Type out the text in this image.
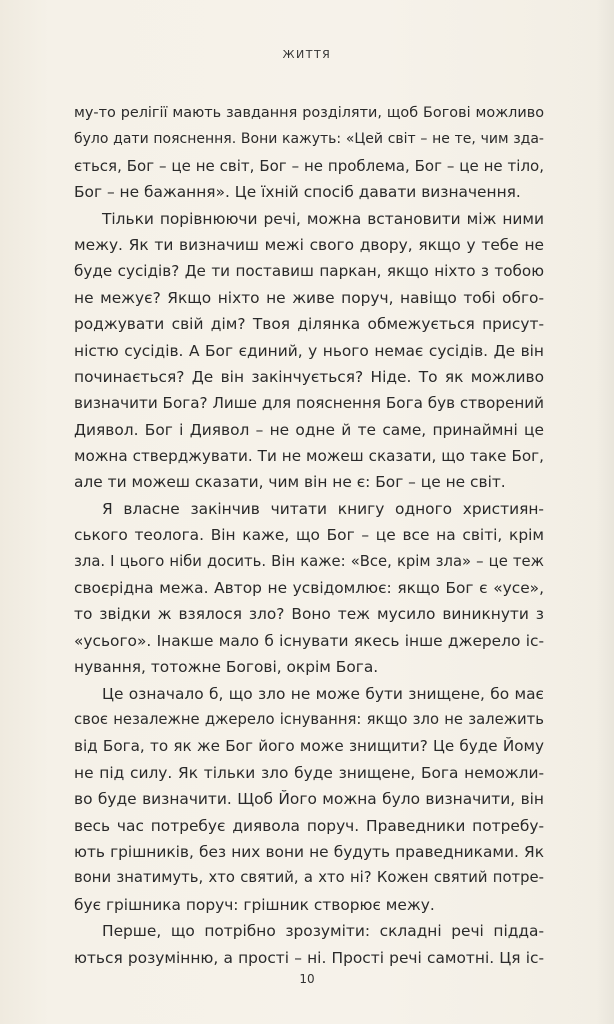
ЖИТТЯ
му-то релігії мають завдання розділяти, щоб Богові можливо
було дати пояснення. Вони кажуть: «Цей світ – не те, чим зда-
ється, Бог – це не світ, Бог – не проблема, Бог – це не тіло,
Бог – не бажання». Це їхній спосіб давати визначення.
Тільки порівнюючи речі, можна встановити між ними
межу. Як ти визначиш межі свого двору, якщо у тебе не
буде сусідів? Де ти поставиш паркан, якщо ніхто з тобою
не межує? Якщо ніхто не живе поруч, навіщо тобі обго-
роджувати свій дім? Твоя ділянка обмежується присут-
ністю сусідів. А Бог єдиний, у нього немає сусідів. Де він
починається? Де він закінчується? Ніде. То як можливо
визначити Бога? Лише для пояснення Бога був створений
Диявол. Бог і Диявол – не одне й те саме, принаймні це
можна стверджувати. Ти не можеш сказати, що таке Бог,
але ти можеш сказати, чим він не є: Бог – це не світ.
Я власне закінчив читати книгу одного християн-
ського теолога. Він каже, що Бог – це все на світі, крім
зла. І цього ніби досить. Він каже: «Все, крім зла» – це теж
своєрідна межа. Автор не усвідомлює: якщо Бог є «усе»,
то звідки ж взялося зло? Воно теж мусило виникнути з
«усього». Інакше мало б існувати якесь інше джерело іс-
нування, тотожне Богові, окрім Бога.
Це означало б, що зло не може бути знищене, бо має
своє незалежне джерело існування: якщо зло не залежить
від Бога, то як же Бог його може знищити? Це буде Йому
не під силу. Як тільки зло буде знищене, Бога неможли-
во буде визначити. Щоб Його можна було визначити, він
весь час потребує диявола поруч. Праведники потребу-
ють грішників, без них вони не будуть праведниками. Як
вони знатимуть, хто святий, а хто ні? Кожен святий потре-
бує грішника поруч: грішник створює межу.
Перше, що потрібно зрозуміти: складні речі підда-
ються розумінню, а прості – ні. Прості речі самотні. Ця іс-
10
